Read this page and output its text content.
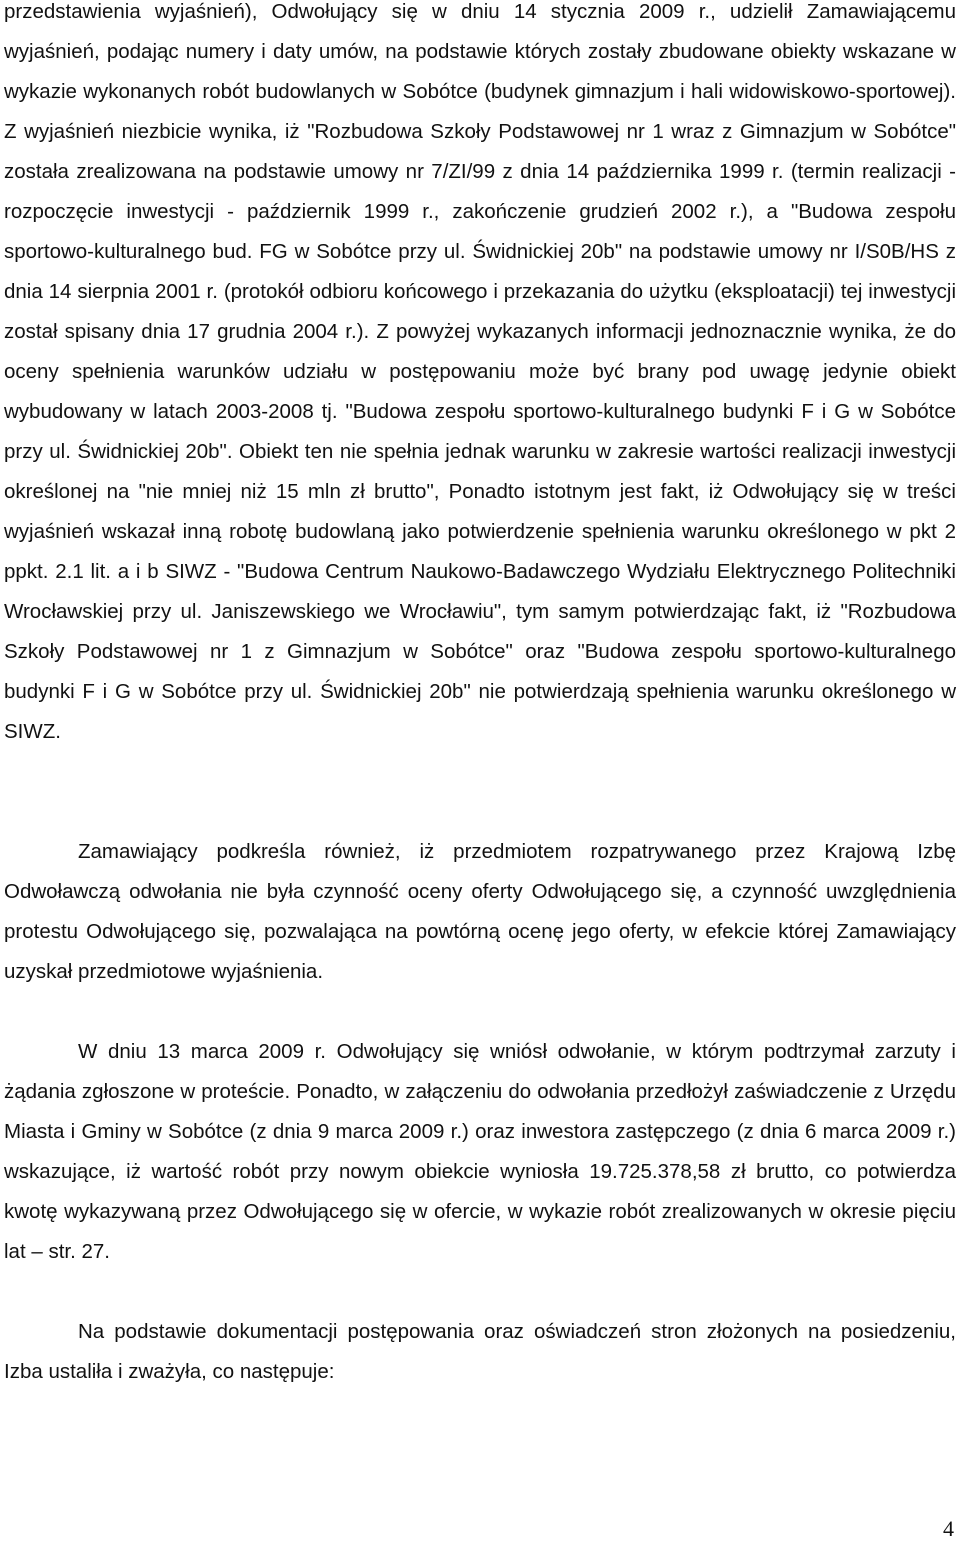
przedstawienia wyjaśnień), Odwołujący się w dniu 14 stycznia 2009 r., udzielił Zamawiającemu wyjaśnień, podając numery i daty umów, na podstawie których zostały zbudowane obiekty wskazane w wykazie wykonanych robót budowlanych w Sobótce (budynek gimnazjum i hali widowiskowo-sportowej). Z wyjaśnień niezbicie wynika, iż "Rozbudowa Szkoły Podstawowej nr 1 wraz z Gimnazjum w Sobótce" została zrealizowana na podstawie umowy nr 7/ZI/99 z dnia 14 października 1999 r. (termin realizacji - rozpoczęcie inwestycji - październik 1999 r., zakończenie grudzień 2002 r.), a "Budowa zespołu sportowo-kulturalnego bud. FG w Sobótce przy ul. Świdnickiej 20b" na podstawie umowy nr I/S0B/HS z dnia 14 sierpnia 2001 r. (protokół odbioru końcowego i przekazania do użytku (eksploatacji) tej inwestycji został spisany dnia 17 grudnia 2004 r.). Z powyżej wykazanych informacji jednoznacznie wynika, że do oceny spełnienia warunków udziału w postępowaniu może być brany pod uwagę jedynie obiekt wybudowany w latach 2003-2008 tj. "Budowa zespołu sportowo-kulturalnego budynki F i G w Sobótce przy ul. Świdnickiej 20b". Obiekt ten nie spełnia jednak warunku w zakresie wartości realizacji inwestycji określonej na "nie mniej niż 15 mln zł brutto", Ponadto istotnym jest fakt, iż Odwołujący się w treści wyjaśnień wskazał inną robotę budowlaną jako potwierdzenie spełnienia warunku określonego w pkt 2 ppkt. 2.1 lit. a i b SIWZ - "Budowa Centrum Naukowo-Badawczego Wydziału Elektrycznego Politechniki Wrocławskiej przy ul. Janiszewskiego we Wrocławiu", tym samym potwierdzając fakt, iż "Rozbudowa Szkoły Podstawowej nr 1 z Gimnazjum w Sobótce" oraz "Budowa zespołu sportowo-kulturalnego budynki F i G w Sobótce przy ul. Świdnickiej 20b" nie potwierdzają spełnienia warunku określonego w SIWZ.

Zamawiający podkreśla również, iż przedmiotem rozpatrywanego przez Krajową Izbę Odwoławczą odwołania nie była czynność oceny oferty Odwołującego się, a czynność uwzględnienia protestu Odwołującego się, pozwalająca na powtórną ocenę jego oferty, w efekcie której Zamawiający uzyskał przedmiotowe wyjaśnienia.

W dniu 13 marca 2009 r. Odwołujący się wniósł odwołanie, w którym podtrzymał zarzuty i żądania zgłoszone w proteście. Ponadto, w załączeniu do odwołania przedłożył zaświadczenie z Urzędu Miasta i Gminy w Sobótce (z dnia 9 marca 2009 r.) oraz inwestora zastępczego (z dnia 6 marca 2009 r.) wskazujące, iż wartość robót przy nowym obiekcie wyniosła 19.725.378,58 zł brutto, co potwierdza kwotę wykazywaną przez Odwołującego się w ofercie, w wykazie robót zrealizowanych w okresie pięciu lat – str. 27.

Na podstawie dokumentacji postępowania oraz oświadczeń stron złożonych na posiedzeniu, Izba ustaliła i zważyła, co następuje:

4
